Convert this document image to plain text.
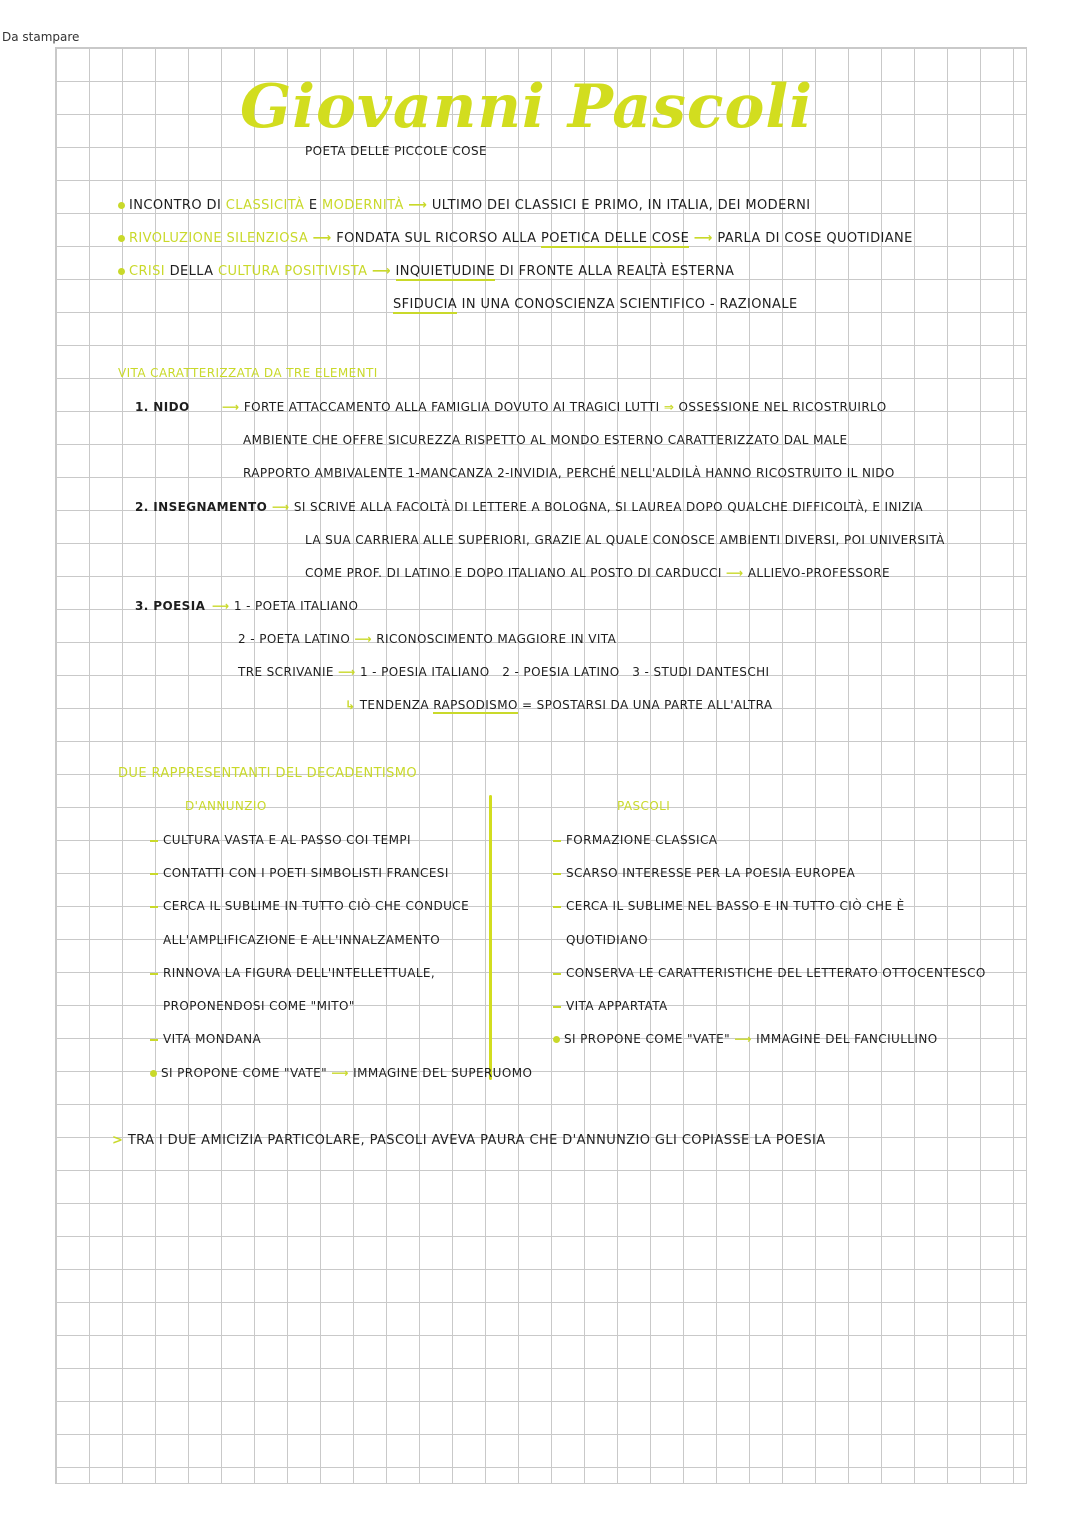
Da stampare
Giovanni Pascoli
POETA DELLE PICCOLE COSE
INCONTRO DI CLASSICITÀ E MODERNITÀ ⟶ ULTIMO DEI CLASSICI E PRIMO, IN ITALIA, DEI MODERNI
RIVOLUZIONE SILENZIOSA ⟶ FONDATA SUL RICORSO ALLA POETICA DELLE COSE ⟶ PARLA DI COSE QUOTIDIANE
CRISI DELLA CULTURA POSITIVISTA ⟶ INQUIETUDINE DI FRONTE ALLA REALTÀ ESTERNA
SFIDUCIA IN UNA CONOSCIENZA SCIENTIFICO - RAZIONALE
VITA CARATTERIZZATA DA TRE ELEMENTI
1. NIDO	⟶ FORTE ATTACCAMENTO ALLA FAMIGLIA DOVUTO AI TRAGICI LUTTI ⇒ OSSESSIONE NEL RICOSTRUIRLO
AMBIENTE CHE OFFRE SICUREZZA RISPETTO AL MONDO ESTERNO CARATTERIZZATO DAL MALE
RAPPORTO AMBIVALENTE 1-MANCANZA 2-INVIDIA, PERCHÉ NELL'ALDILÀ HANNO RICOSTRUITO IL NIDO
2. INSEGNAMENTO ⟶ SI SCRIVE ALLA FACOLTÀ DI LETTERE A BOLOGNA, SI LAUREA DOPO QUALCHE DIFFICOLTÀ, E INIZIA
LA SUA CARRIERA ALLE SUPERIORI, GRAZIE AL QUALE CONOSCE AMBIENTI DIVERSI, POI UNIVERSITÀ
COME PROF. DI LATINO E DOPO ITALIANO AL POSTO DI CARDUCCI ⟶ ALLIEVO-PROFESSORE
3. POESIA ⟶ 1 - POETA ITALIANO
2 - POETA LATINO ⟶ RICONOSCIMENTO MAGGIORE IN VITA
TRE SCRIVANIE ⟶ 1 - POESIA ITALIANO 2 - POESIA LATINO 3 - STUDI DANTESCHI
↳ TENDENZA RAPSODISMO = SPOSTARSI DA UNA PARTE ALL'ALTRA
DUE RAPPRESENTANTI DEL DECADENTISMO
D'ANNUNZIO	PASCOLI
CULTURA VASTA E AL PASSO COI TEMPI
CONTATTI CON I POETI SIMBOLISTI FRANCESI
CERCA IL SUBLIME IN TUTTO CIÒ CHE CONDUCE
ALL'AMPLIFICAZIONE E ALL'INNALZAMENTO
RINNOVA LA FIGURA DELL'INTELLETTUALE,
PROPONENDOSI COME "MITO"
VITA MONDANA
SI PROPONE COME "VATE" ⟶ IMMAGINE DEL SUPERUOMO
FORMAZIONE CLASSICA
SCARSO INTERESSE PER LA POESIA EUROPEA
CERCA IL SUBLIME NEL BASSO E IN TUTTO CIÒ CHE È
QUOTIDIANO
CONSERVA LE CARATTERISTICHE DEL LETTERATO OTTOCENTESCO
VITA APPARTATA
SI PROPONE COME "VATE" ⟶ IMMAGINE DEL FANCIULLINO
> TRA I DUE AMICIZIA PARTICOLARE, PASCOLI AVEVA PAURA CHE D'ANNUNZIO GLI COPIASSE LA POESIA
